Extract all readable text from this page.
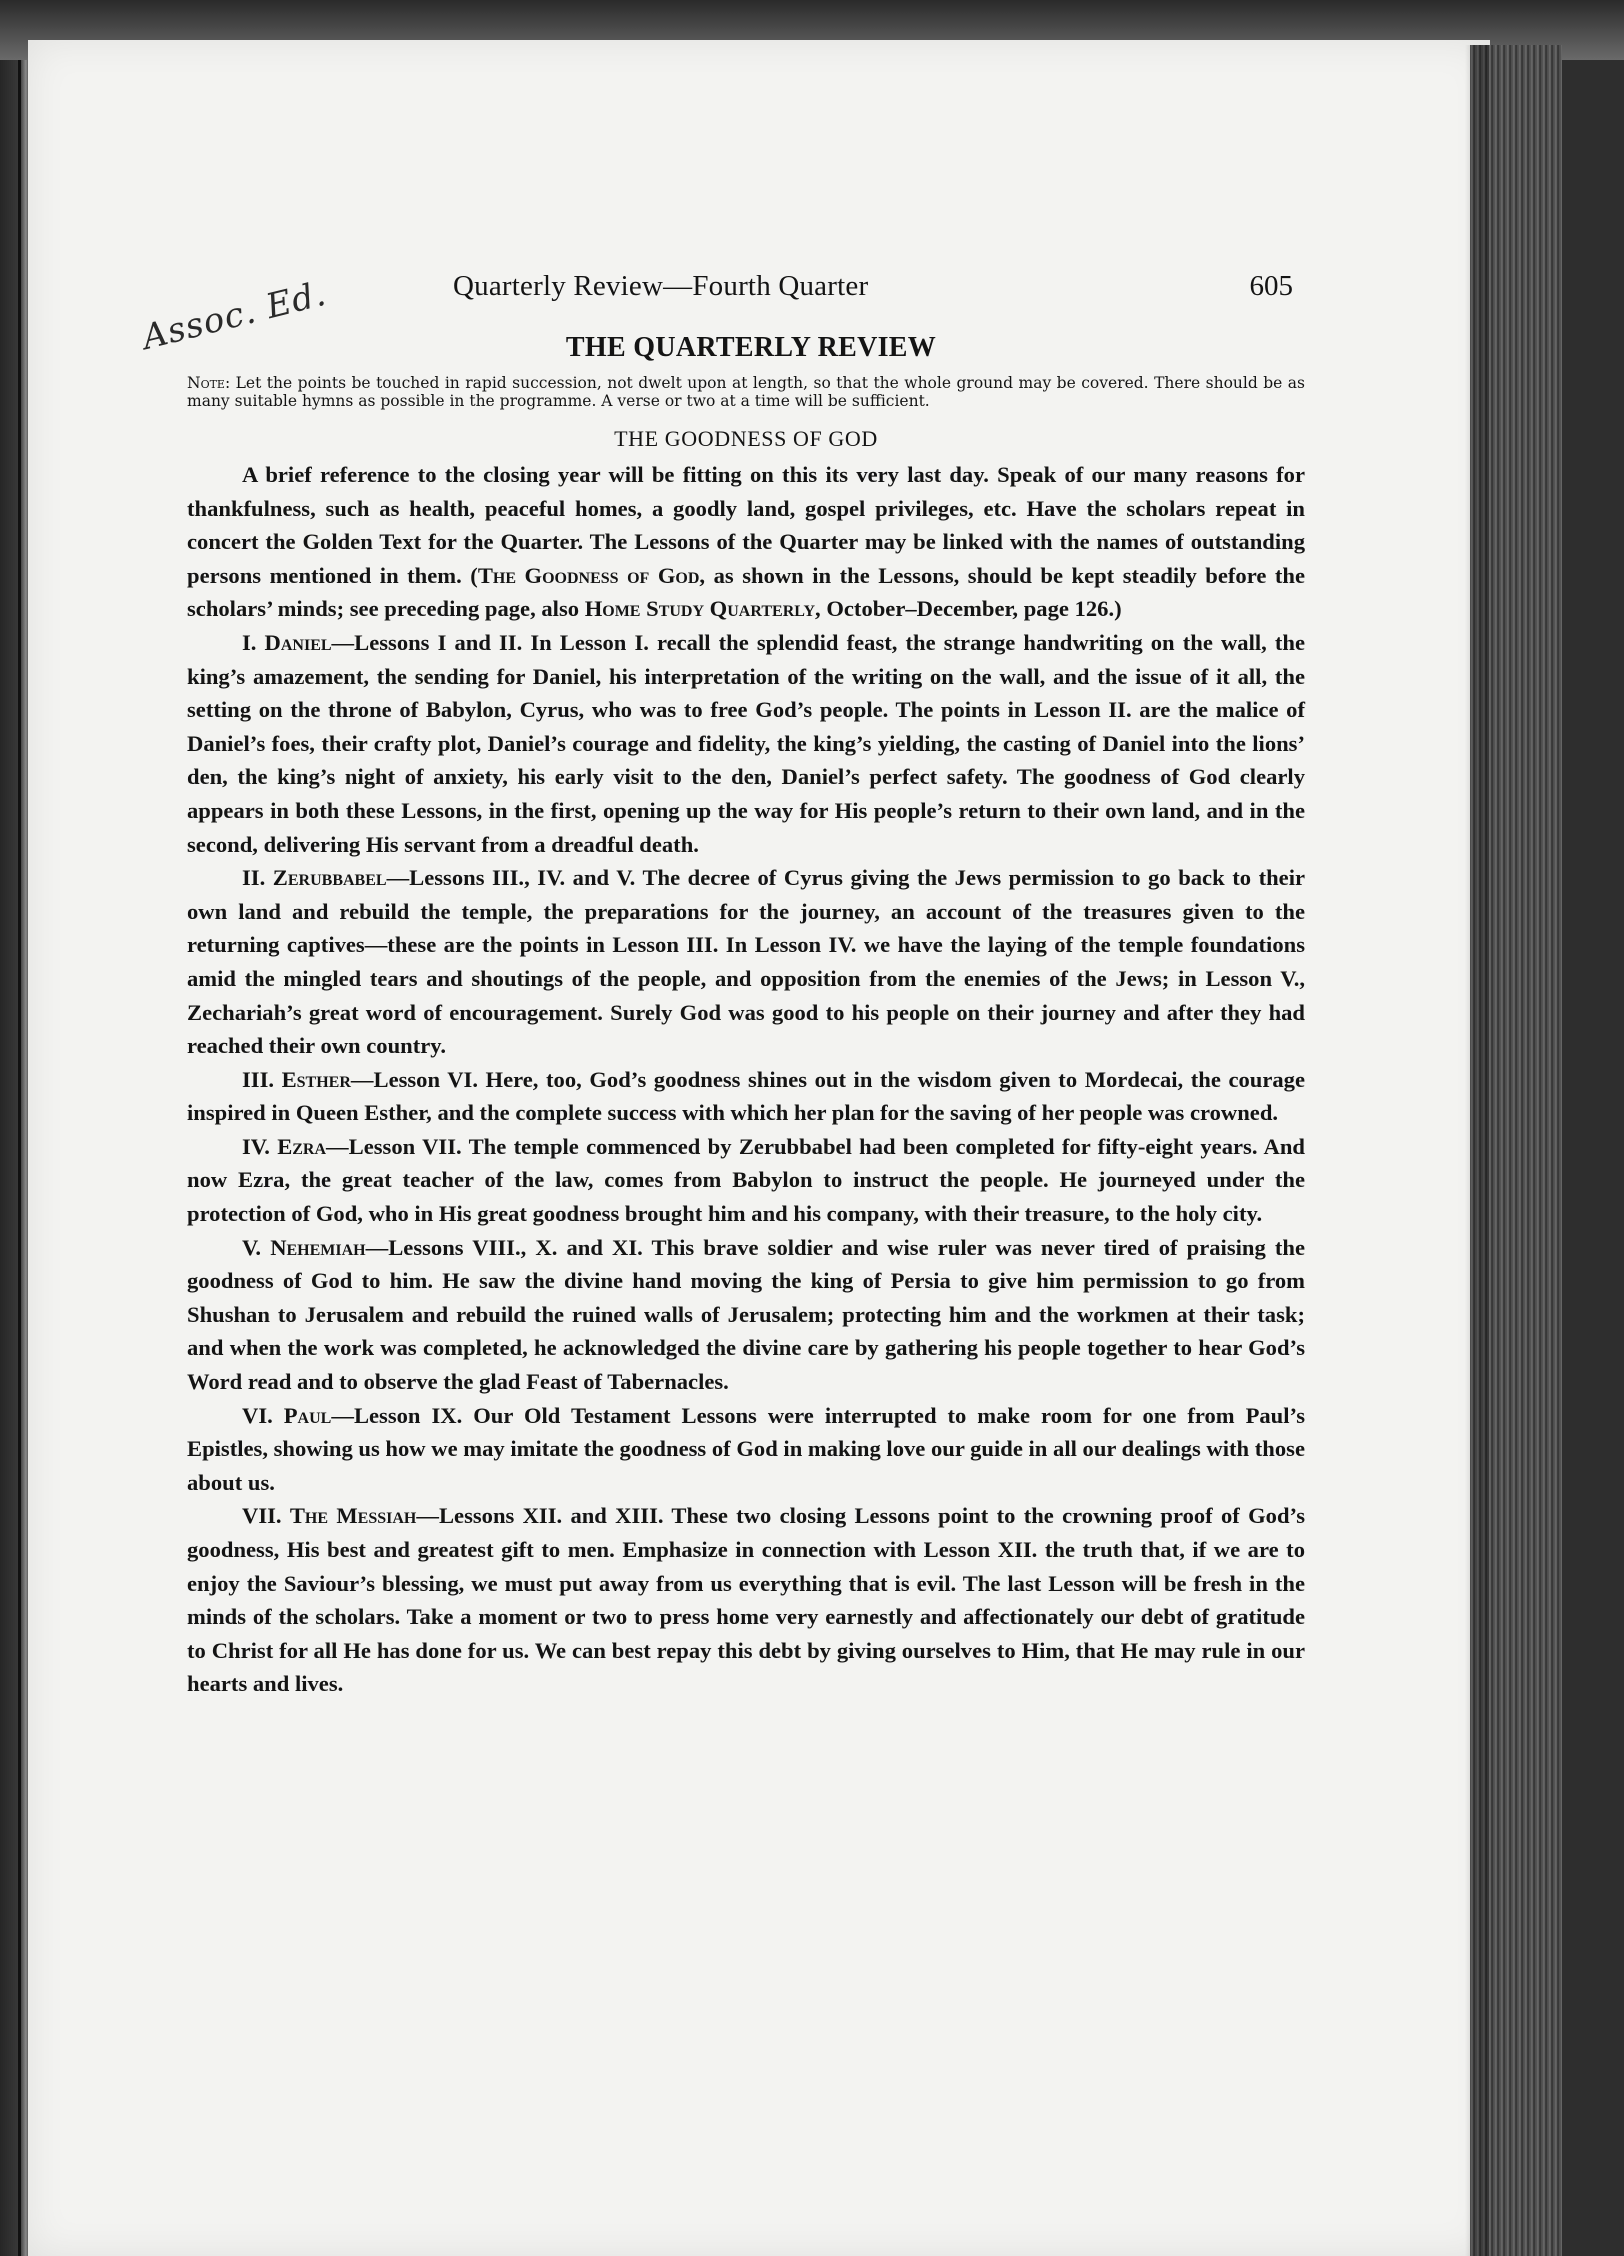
Assoc. Ed.	Quarterly Review—Fourth Quarter	605
THE QUARTERLY REVIEW
Note: Let the points be touched in rapid succession, not dwelt upon at length, so that the whole ground may be covered. There should be as many suitable hymns as possible in the programme. A verse or two at a time will be sufficient.
THE GOODNESS OF GOD

A brief reference to the closing year will be fitting on this its very last day. Speak of our many reasons for thankfulness, such as health, peaceful homes, a goodly land, gospel privileges, etc. Have the scholars repeat in concert the Golden Text for the Quarter. The Lessons of the Quarter may be linked with the names of outstanding persons mentioned in them. (The Goodness of God, as shown in the Lessons, should be kept steadily before the scholars’ minds; see preceding page, also Home Study Quarterly, October–December, page 126.)

I. Daniel—Lessons I and II. In Lesson I. recall the splendid feast, the strange handwriting on the wall, the king’s amazement, the sending for Daniel, his interpretation of the writing on the wall, and the issue of it all, the setting on the throne of Babylon, Cyrus, who was to free God’s people. The points in Lesson II. are the malice of Daniel’s foes, their crafty plot, Daniel’s courage and fidelity, the king’s yielding, the casting of Daniel into the lions’ den, the king’s night of anxiety, his early visit to the den, Daniel’s perfect safety. The goodness of God clearly appears in both these Lessons, in the first, opening up the way for His people’s return to their own land, and in the second, delivering His servant from a dreadful death.

II. Zerubbabel—Lessons III., IV. and V. The decree of Cyrus giving the Jews permission to go back to their own land and rebuild the temple, the preparations for the journey, an account of the treasures given to the returning captives—these are the points in Lesson III. In Lesson IV. we have the laying of the temple foundations amid the mingled tears and shoutings of the people, and opposition from the enemies of the Jews; in Lesson V., Zechariah’s great word of encouragement. Surely God was good to his people on their journey and after they had reached their own country.

III. Esther—Lesson VI. Here, too, God’s goodness shines out in the wisdom given to Mordecai, the courage inspired in Queen Esther, and the complete success with which her plan for the saving of her people was crowned.

IV. Ezra—Lesson VII. The temple commenced by Zerubbabel had been completed for fifty-eight years. And now Ezra, the great teacher of the law, comes from Babylon to instruct the people. He journeyed under the protection of God, who in His great goodness brought him and his company, with their treasure, to the holy city.

V. Nehemiah—Lessons VIII., X. and XI. This brave soldier and wise ruler was never tired of praising the goodness of God to him. He saw the divine hand moving the king of Persia to give him permission to go from Shushan to Jerusalem and rebuild the ruined walls of Jerusalem; protecting him and the workmen at their task; and when the work was completed, he acknowledged the divine care by gathering his people together to hear God’s Word read and to observe the glad Feast of Tabernacles.

VI. Paul—Lesson IX. Our Old Testament Lessons were interrupted to make room for one from Paul’s Epistles, showing us how we may imitate the goodness of God in making love our guide in all our dealings with those about us.

VII. The Messiah—Lessons XII. and XIII. These two closing Lessons point to the crowning proof of God’s goodness, His best and greatest gift to men. Emphasize in connection with Lesson XII. the truth that, if we are to enjoy the Saviour’s blessing, we must put away from us everything that is evil. The last Lesson will be fresh in the minds of the scholars. Take a moment or two to press home very earnestly and affectionately our debt of gratitude to Christ for all He has done for us. We can best repay this debt by giving ourselves to Him, that He may rule in our hearts and lives.
